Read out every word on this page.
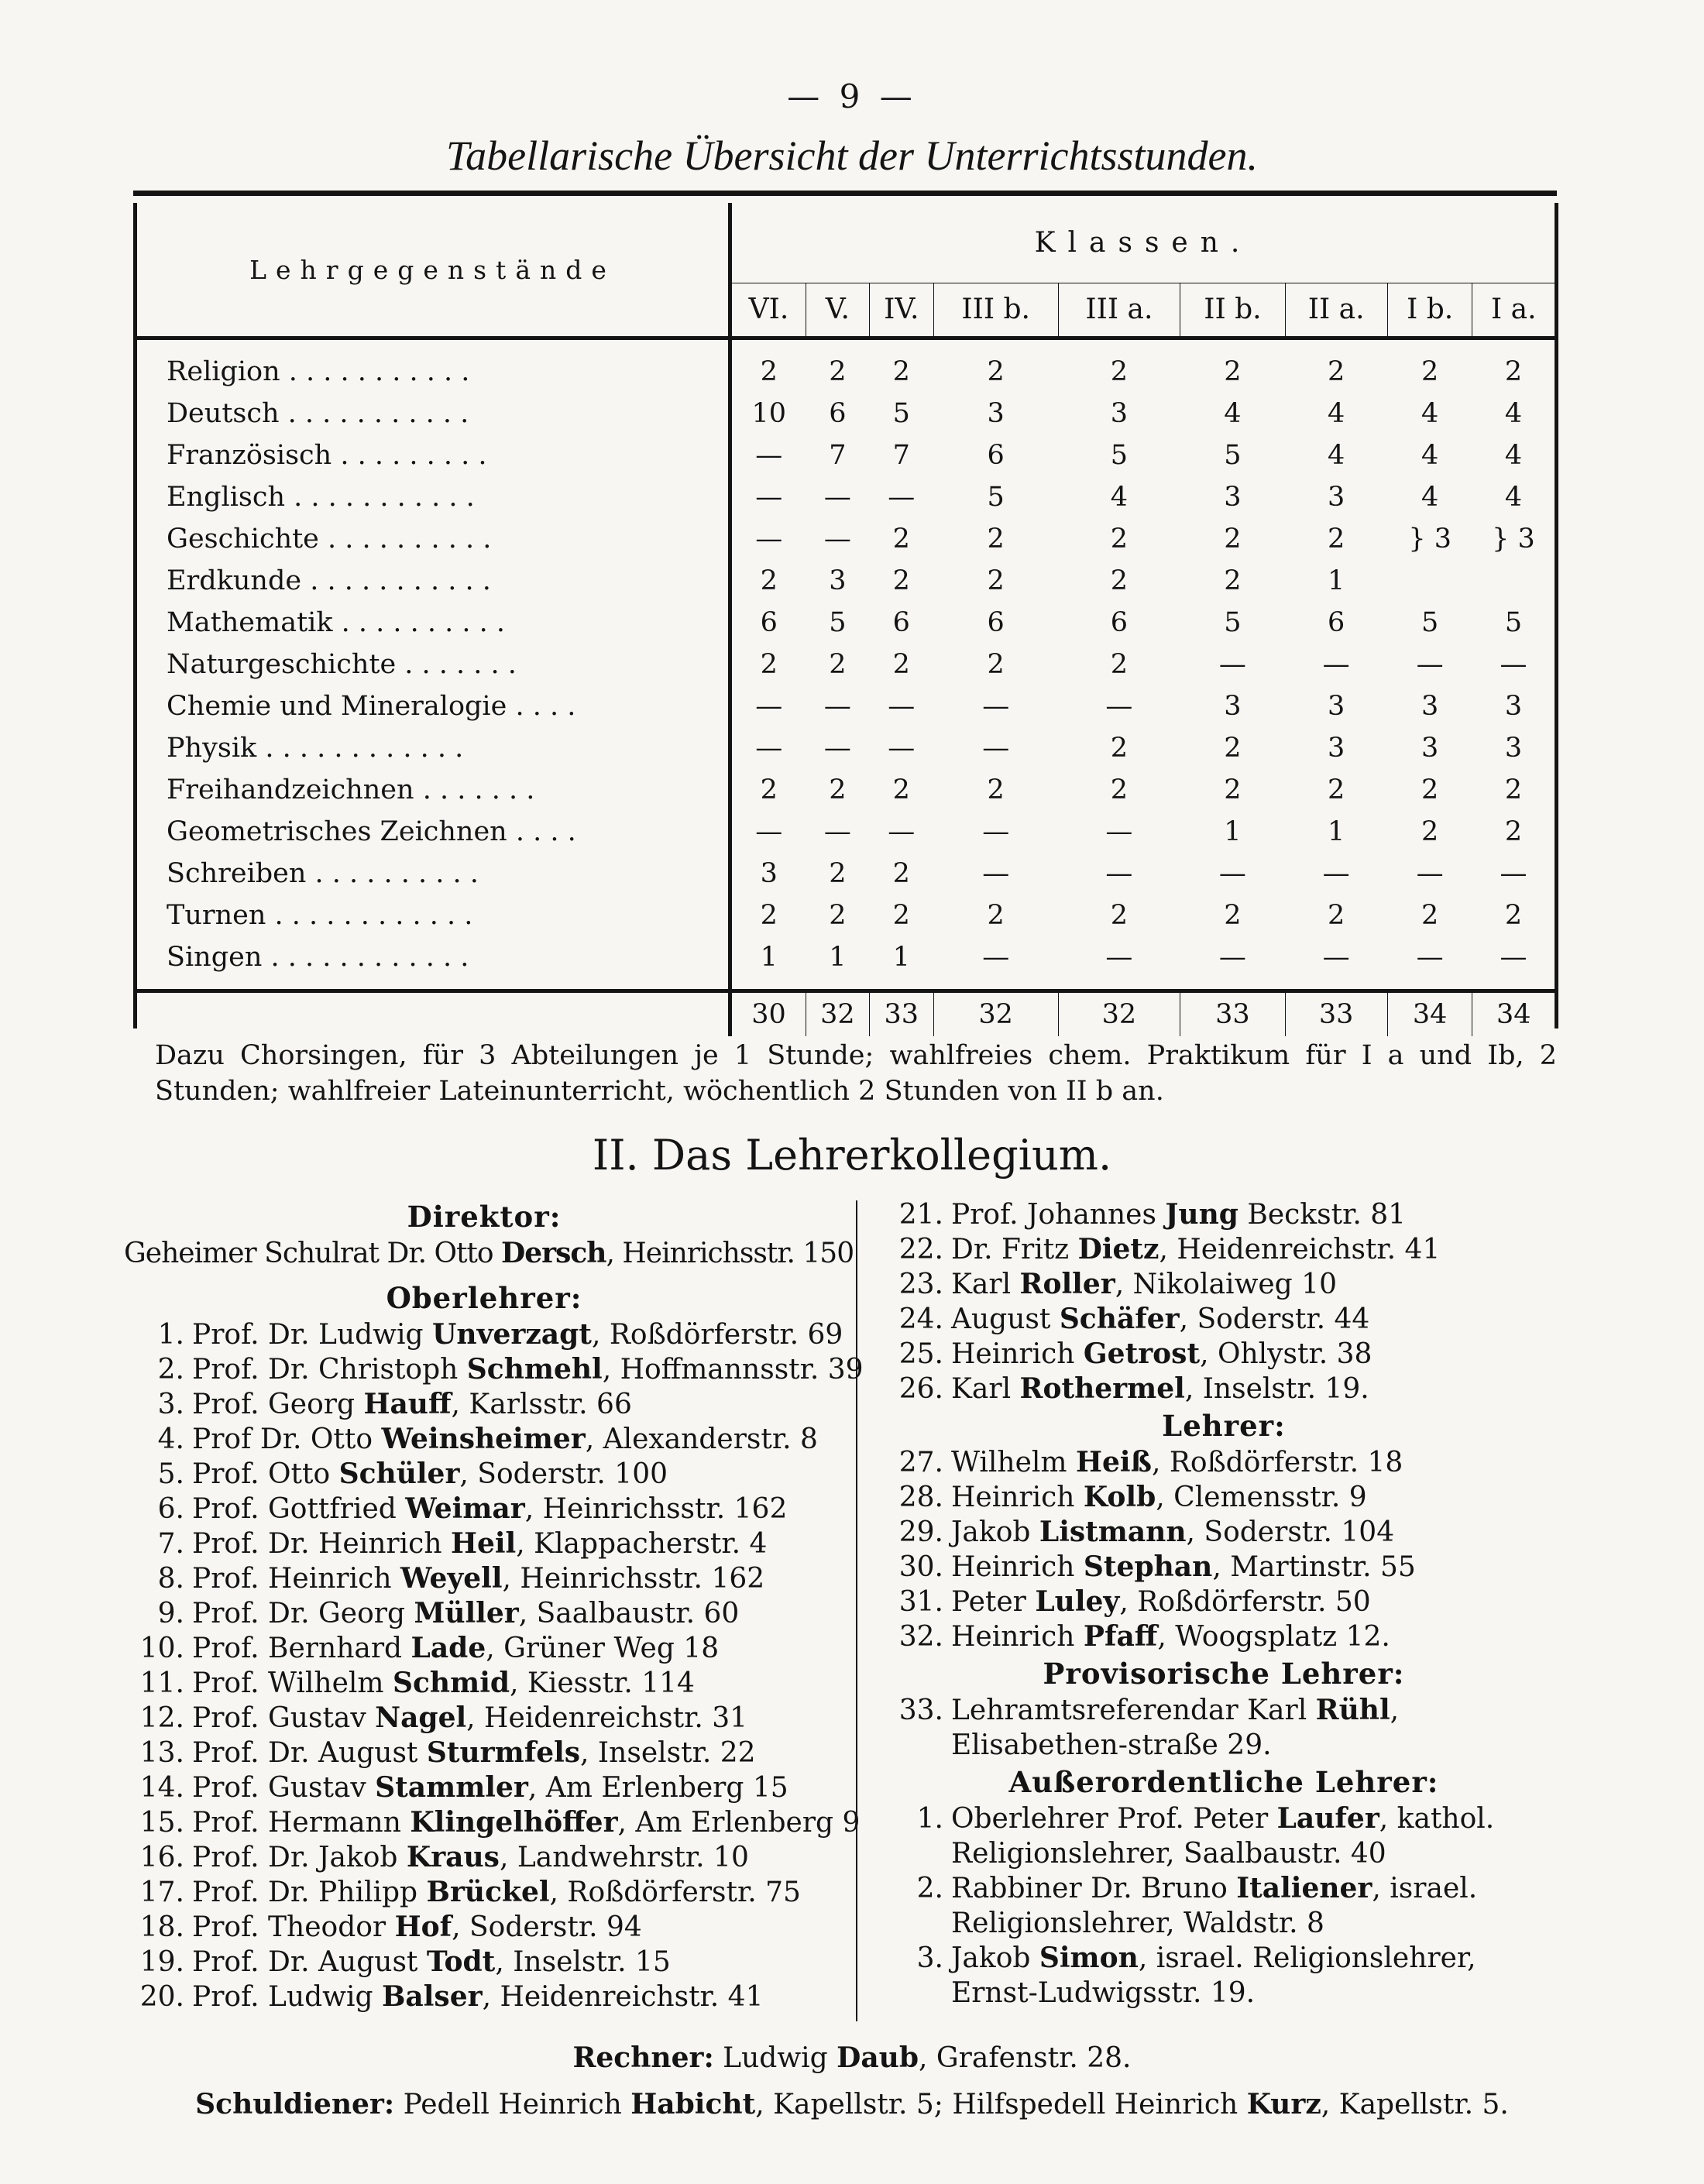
— 9 —
Tabellarische Übersicht der Unterrichtsstunden.
Lehrgegenstände	Klassen.								
	VI.	V.	IV.	III b.	III a.	II b.	II a.	I b.	I a.

Religion . . . . . . . . . . .	2	2	2	2	2	2	2	2	2
Deutsch . . . . . . . . . . .	10	6	5	3	3	4	4	4	4
Französisch . . . . . . . . .	—	7	7	6	5	5	4	4	4
Englisch . . . . . . . . . . .	—	—	—	5	4	3	3	4	4
Geschichte . . . . . . . . . .	—	—	2	2	2	2	2	} 3	} 3
Erdkunde . . . . . . . . . . .	2	3	2	2	2	2	1		
Mathematik . . . . . . . . . .	6	5	6	6	6	5	6	5	5
Naturgeschichte . . . . . . .	2	2	2	2	2	—	—	—	—
Chemie und Mineralogie . . . .	—	—	—	—	—	3	3	3	3
Physik . . . . . . . . . . . .	—	—	—	—	2	2	3	3	3
Freihandzeichnen . . . . . . .	2	2	2	2	2	2	2	2	2
Geometrisches Zeichnen . . . .	—	—	—	—	—	1	1	2	2
Schreiben . . . . . . . . . .	3	2	2	—	—	—	—	—	—
Turnen . . . . . . . . . . . .	2	2	2	2	2	2	2	2	2
Singen . . . . . . . . . . . .	1	1	1	—	—	—	—	—	—

	30	32	33	32	32	33	33	34	34
Dazu Chorsingen, für 3 Abteilungen je 1 Stunde; wahlfreies chem. Praktikum für I a und Ib, 2 Stunden; wahlfreier Lateinunterricht, wöchentlich 2 Stunden von II b an.
II. Das Lehrerkollegium.
Direktor:
Geheimer Schulrat Dr. Otto Dersch, Heinrichsstr. 150
Oberlehrer:
1. Prof. Dr. Ludwig Unverzagt, Roßdörferstr. 69
2. Prof. Dr. Christoph Schmehl, Hoffmannsstr. 39
3. Prof. Georg Hauff, Karlsstr. 66
4. Prof Dr. Otto Weinsheimer, Alexanderstr. 8
5. Prof. Otto Schüler, Soderstr. 100
6. Prof. Gottfried Weimar, Heinrichsstr. 162
7. Prof. Dr. Heinrich Heil, Klappacherstr. 4
8. Prof. Heinrich Weyell, Heinrichsstr. 162
9. Prof. Dr. Georg Müller, Saalbaustr. 60
10. Prof. Bernhard Lade, Grüner Weg 18
11. Prof. Wilhelm Schmid, Kiesstr. 114
12. Prof. Gustav Nagel, Heidenreichstr. 31
13. Prof. Dr. August Sturmfels, Inselstr. 22
14. Prof. Gustav Stammler, Am Erlenberg 15
15. Prof. Hermann Klingelhöffer, Am Erlenberg 9
16. Prof. Dr. Jakob Kraus, Landwehrstr. 10
17. Prof. Dr. Philipp Brückel, Roßdörferstr. 75
18. Prof. Theodor Hof, Soderstr. 94
19. Prof. Dr. August Todt, Inselstr. 15
20. Prof. Ludwig Balser, Heidenreichstr. 41
21. Prof. Johannes Jung Beckstr. 81
22. Dr. Fritz Dietz, Heidenreichstr. 41
23. Karl Roller, Nikolaiweg 10
24. August Schäfer, Soderstr. 44
25. Heinrich Getrost, Ohlystr. 38
26. Karl Rothermel, Inselstr. 19.
Lehrer:
27. Wilhelm Heiß, Roßdörferstr. 18
28. Heinrich Kolb, Clemensstr. 9
29. Jakob Listmann, Soderstr. 104
30. Heinrich Stephan, Martinstr. 55
31. Peter Luley, Roßdörferstr. 50
32. Heinrich Pfaff, Woogsplatz 12.
Provisorische Lehrer:
33. Lehramtsreferendar Karl Rühl, Elisabethen-straße 29.
Außerordentliche Lehrer:
1. Oberlehrer Prof. Peter Laufer, kathol. Religionslehrer, Saalbaustr. 40
2. Rabbiner Dr. Bruno Italiener, israel. Religionslehrer, Waldstr. 8
3. Jakob Simon, israel. Religionslehrer, Ernst-Ludwigsstr. 19.
Rechner: Ludwig Daub, Grafenstr. 28.
Schuldiener: Pedell Heinrich Habicht, Kapellstr. 5; Hilfspedell Heinrich Kurz, Kapellstr. 5.
